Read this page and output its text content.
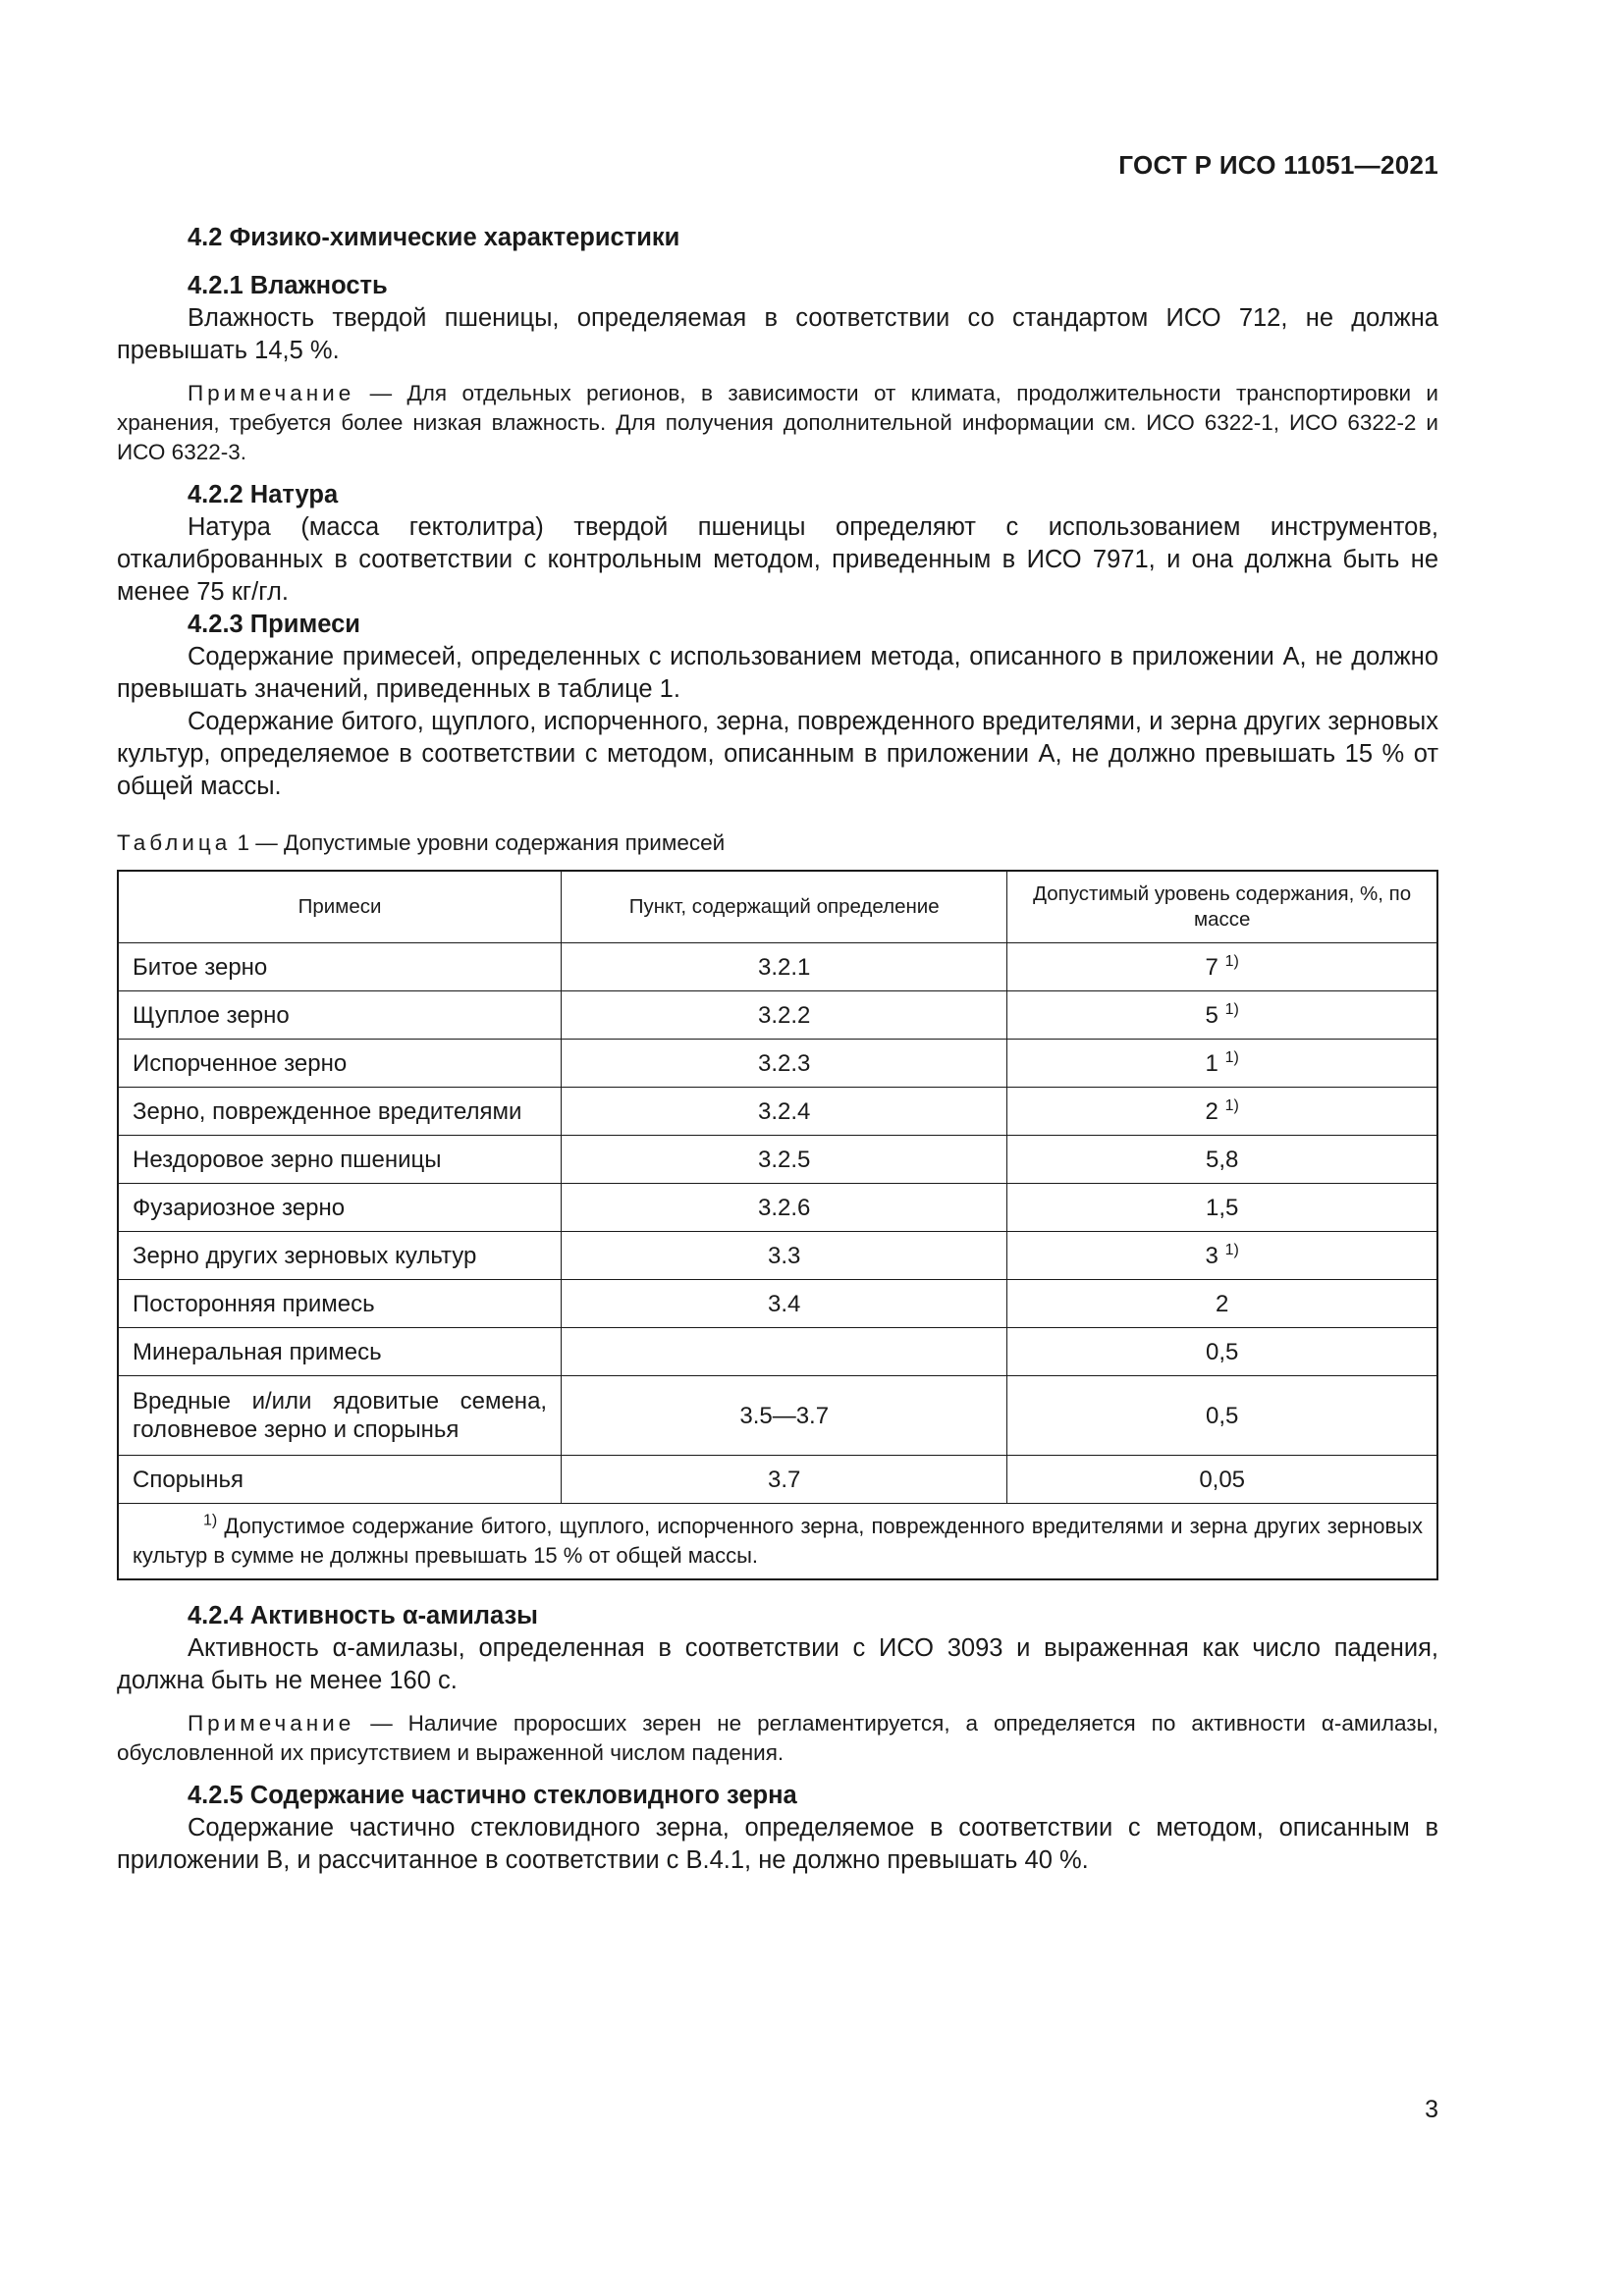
ГОСТ Р ИСО 11051—2021

4.2 Физико-химические характеристики

4.2.1 Влажность

Влажность твердой пшеницы, определяемая в соответствии со стандартом ИСО 712, не должна превышать 14,5 %.

Примечание — Для отдельных регионов, в зависимости от климата, продолжительности транспортировки и хранения, требуется более низкая влажность. Для получения дополнительной информации см. ИСО 6322-1, ИСО 6322-2 и ИСО 6322-3.

4.2.2 Натура

Натура (масса гектолитра) твердой пшеницы определяют с использованием инструментов, откалиброванных в соответствии с контрольным методом, приведенным в ИСО 7971, и она должна быть не менее 75 кг/гл.

4.2.3 Примеси

Содержание примесей, определенных с использованием метода, описанного в приложении А, не должно превышать значений, приведенных в таблице 1.

Содержание битого, щуплого, испорченного, зерна, поврежденного вредителями, и зерна других зерновых культур, определяемое в соответствии с методом, описанным в приложении А, не должно превышать 15 % от общей массы.

Таблица 1 — Допустимые уровни содержания примесей

Примеси	Пункт, содержащий определение	Допустимый уровень содержания, %, по массе
Битое зерно	3.2.1	7 $^{1)}$
Щуплое зерно	3.2.2	5 $^{1)}$
Испорченное зерно	3.2.3	1 $^{1)}$
Зерно, поврежденное вредителями	3.2.4	2 $^{1)}$
Нездоровое зерно пшеницы	3.2.5	5,8
Фузариозное зерно	3.2.6	1,5
Зерно других зерновых культур	3.3	3 $^{1)}$
Посторонняя примесь	3.4	2
Минеральная примесь		0,5
Вредные и/или ядовитые семена, головневое зерно и спорынья	3.5—3.7	0,5
Спорынья	3.7	0,05
$^{1)}$ Допустимое содержание битого, щуплого, испорченного зерна, поврежденного вредителями и зерна других зерновых культур в сумме не должны превышать 15 % от общей массы.		

4.2.4 Активность α-амилазы

Активность α-амилазы, определенная в соответствии с ИСО 3093 и выраженная как число падения, должна быть не менее 160 с.

Примечание — Наличие проросших зерен не регламентируется, а определяется по активности α-амилазы, обусловленной их присутствием и выраженной числом падения.

4.2.5 Содержание частично стекловидного зерна

Содержание частично стекловидного зерна, определяемое в соответствии с методом, описанным в приложении В, и рассчитанное в соответствии с В.4.1, не должно превышать 40 %.

3
